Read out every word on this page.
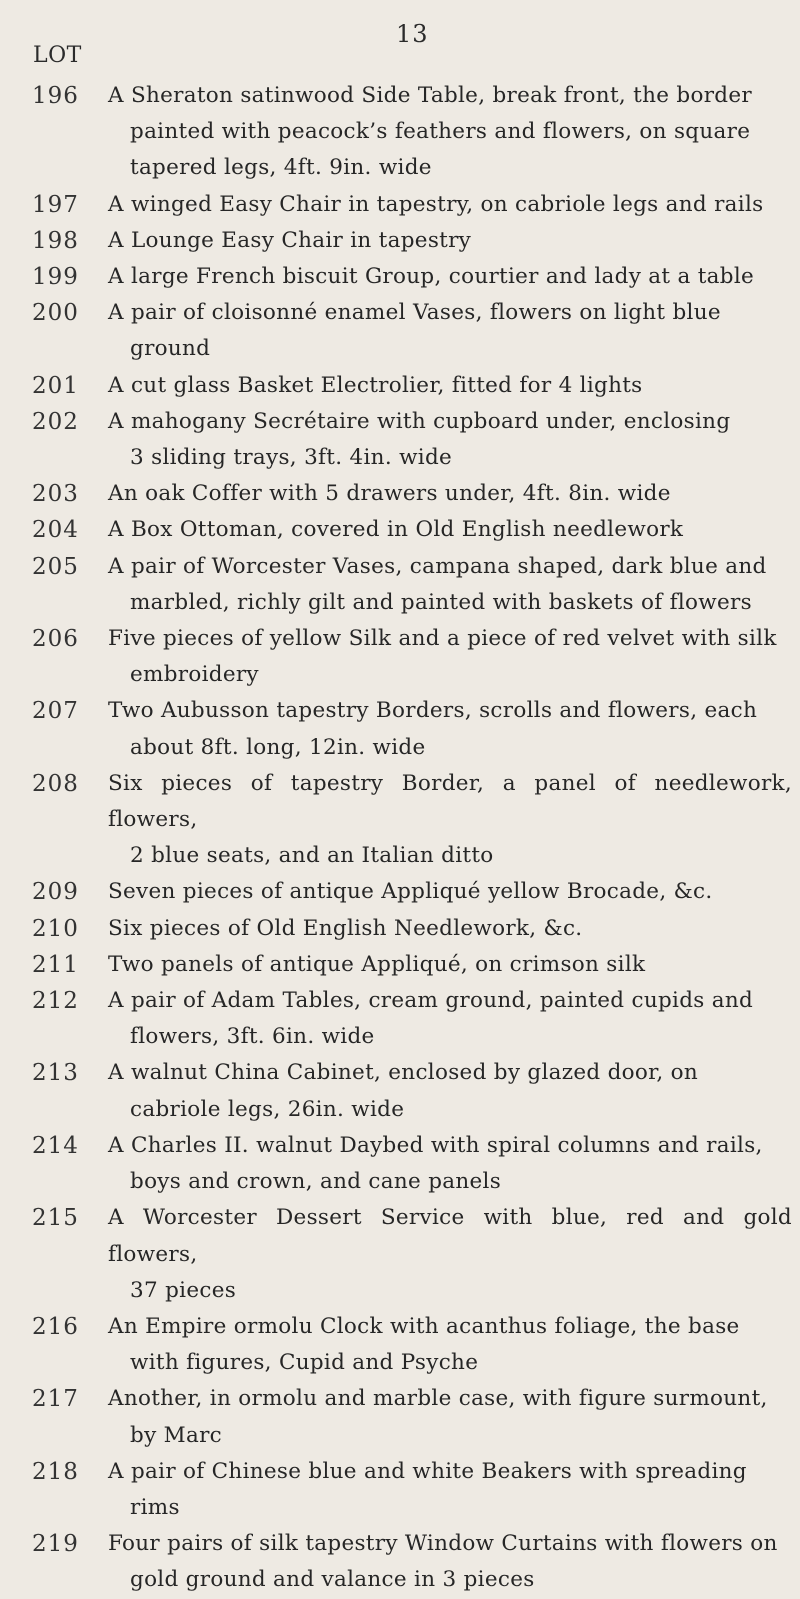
13
LOT
196	A Sheraton satinwood Side Table, break front, the border
painted with peacock’s feathers and flowers, on square
tapered legs, 4ft. 9in. wide
197	A winged Easy Chair in tapestry, on cabriole legs and rails
198	A Lounge Easy Chair in tapestry
199	A large French biscuit Group, courtier and lady at a table
200	A pair of cloisonné enamel Vases, flowers on light blue
ground
201	A cut glass Basket Electrolier, fitted for 4 lights
202	A mahogany Secrétaire with cupboard under, enclosing
3 sliding trays, 3ft. 4in. wide
203	An oak Coffer with 5 drawers under, 4ft. 8in. wide
204	A Box Ottoman, covered in Old English needlework
205	A pair of Worcester Vases, campana shaped, dark blue and
marbled, richly gilt and painted with baskets of flowers
206	Five pieces of yellow Silk and a piece of red velvet with silk
embroidery
207	Two Aubusson tapestry Borders, scrolls and flowers, each
about 8ft. long, 12in. wide
208	Six pieces of tapestry Border, a panel of needlework, flowers,
2 blue seats, and an Italian ditto
209	Seven pieces of antique Appliqué yellow Brocade, &c.
210	Six pieces of Old English Needlework, &c.
211	Two panels of antique Appliqué, on crimson silk
212	A pair of Adam Tables, cream ground, painted cupids and
flowers, 3ft. 6in. wide
213	A walnut China Cabinet, enclosed by glazed door, on
cabriole legs, 26in. wide
214	A Charles II. walnut Daybed with spiral columns and rails,
boys and crown, and cane panels
215	A Worcester Dessert Service with blue, red and gold flowers,
37 pieces
216	An Empire ormolu Clock with acanthus foliage, the base
with figures, Cupid and Psyche
217	Another, in ormolu and marble case, with figure surmount,
by Marc
218	A pair of Chinese blue and white Beakers with spreading
rims
219	Four pairs of silk tapestry Window Curtains with flowers on
gold ground and valance in 3 pieces
